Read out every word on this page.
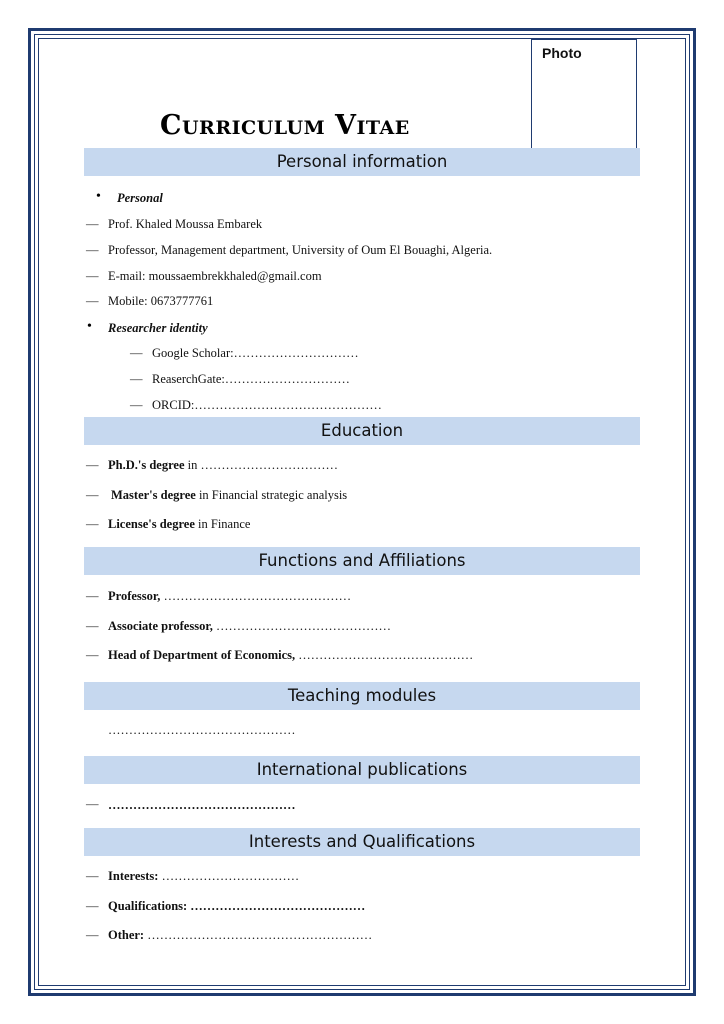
Photo
Curriculum Vitae
Personal information
• Personal
— Prof. Khaled Moussa Embarek
— Professor, Management department, University of Oum El Bouaghi, Algeria.
— E-mail: moussaembrekkhaled@gmail.com
— Mobile: 0673777761
• Researcher identity
— Google Scholar:…………………………
— ReaserchGate:…………………………
— ORCID:………………………………………
Education
— Ph.D.'s degree in ……………………………
— Master's degree in Financial strategic analysis
— License's degree in Finance
Functions and Affiliations
— Professor, ………………………………………
— Associate professor, ……………………………………
— Head of Department of Economics, ……………………………………
Teaching modules
………………………………………
International publications
— ………………………………………
Interests and Qualifications
— Interests: ……………………………
— Qualifications: ……………………………………
— Other: ………………………………………………
